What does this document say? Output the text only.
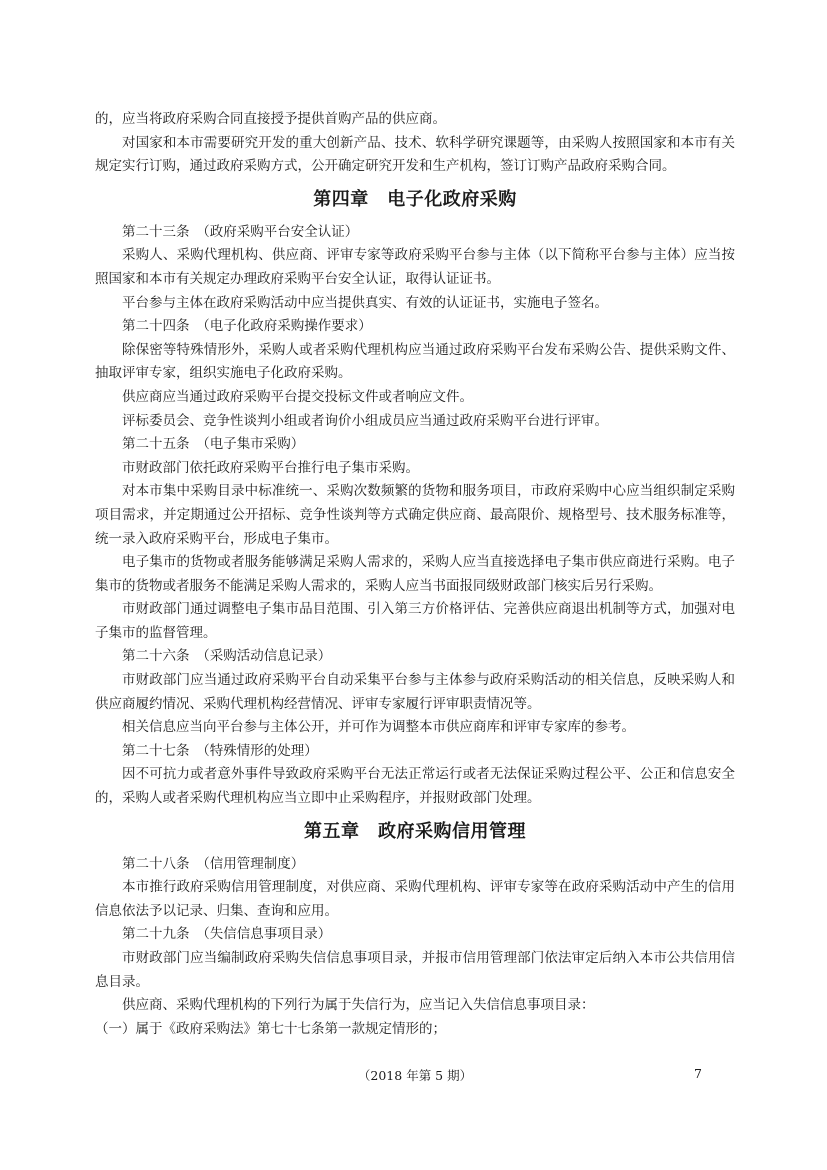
的，应当将政府采购合同直接授予提供首购产品的供应商。

对国家和本市需要研究开发的重大创新产品、技术、软科学研究课题等，由采购人按照国家和本市有关规定实行订购，通过政府采购方式，公开确定研究开发和生产机构，签订订购产品政府采购合同。

第四章　电子化政府采购

第二十三条　（政府采购平台安全认证）

采购人、采购代理机构、供应商、评审专家等政府采购平台参与主体（以下简称平台参与主体）应当按照国家和本市有关规定办理政府采购平台安全认证，取得认证证书。

平台参与主体在政府采购活动中应当提供真实、有效的认证证书，实施电子签名。

第二十四条　（电子化政府采购操作要求）

除保密等特殊情形外，采购人或者采购代理机构应当通过政府采购平台发布采购公告、提供采购文件、抽取评审专家，组织实施电子化政府采购。

供应商应当通过政府采购平台提交投标文件或者响应文件。

评标委员会、竞争性谈判小组或者询价小组成员应当通过政府采购平台进行评审。

第二十五条　（电子集市采购）

市财政部门依托政府采购平台推行电子集市采购。

对本市集中采购目录中标准统一、采购次数频繁的货物和服务项目，市政府采购中心应当组织制定采购项目需求，并定期通过公开招标、竞争性谈判等方式确定供应商、最高限价、规格型号、技术服务标准等，统一录入政府采购平台，形成电子集市。

电子集市的货物或者服务能够满足采购人需求的，采购人应当直接选择电子集市供应商进行采购。电子集市的货物或者服务不能满足采购人需求的，采购人应当书面报同级财政部门核实后另行采购。

市财政部门通过调整电子集市品目范围、引入第三方价格评估、完善供应商退出机制等方式，加强对电子集市的监督管理。

第二十六条　（采购活动信息记录）

市财政部门应当通过政府采购平台自动采集平台参与主体参与政府采购活动的相关信息，反映采购人和供应商履约情况、采购代理机构经营情况、评审专家履行评审职责情况等。

相关信息应当向平台参与主体公开，并可作为调整本市供应商库和评审专家库的参考。

第二十七条　（特殊情形的处理）

因不可抗力或者意外事件导致政府采购平台无法正常运行或者无法保证采购过程公平、公正和信息安全的，采购人或者采购代理机构应当立即中止采购程序，并报财政部门处理。

第五章　政府采购信用管理

第二十八条　（信用管理制度）

本市推行政府采购信用管理制度，对供应商、采购代理机构、评审专家等在政府采购活动中产生的信用信息依法予以记录、归集、查询和应用。

第二十九条　（失信信息事项目录）

市财政部门应当编制政府采购失信信息事项目录，并报市信用管理部门依法审定后纳入本市公共信用信息目录。

供应商、采购代理机构的下列行为属于失信行为，应当记入失信信息事项目录：

（一）属于《政府采购法》第七十七条第一款规定情形的；

（2018 年第 5 期）	7
